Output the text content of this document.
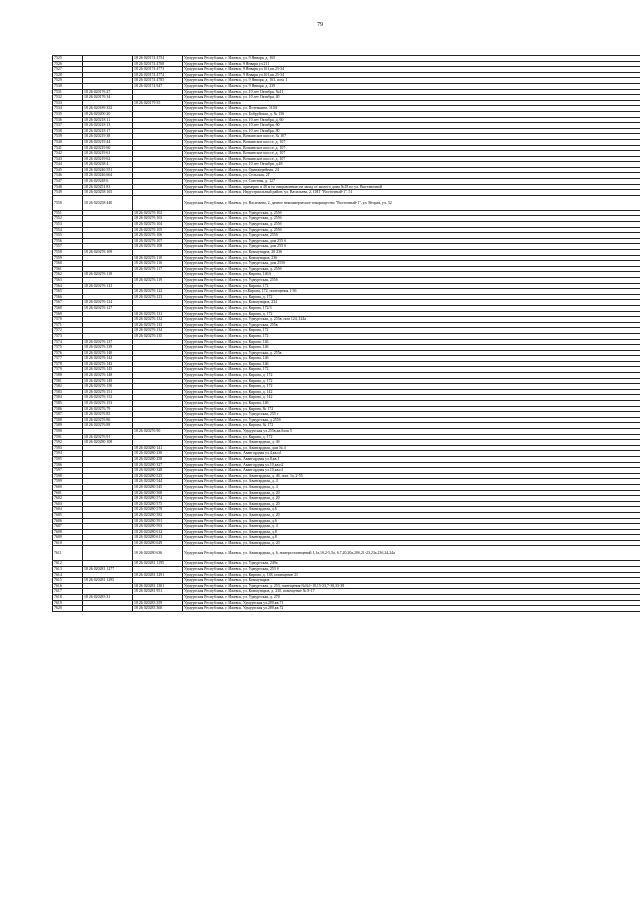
79
7525		18 26 020174 4754	Удмуртская Республика, г. Ижевск, ул. 9 Января, д. 165
7526		18 26 020174 4768	Удмуртская Республика, г. Ижевск, 9 Января ул.211
7527		18 26 020174 4773	Удмуртская Республика, г. Ижевск, 9 Января ул.161,кв.25-34
7528		18 26 020174 4774	Удмуртская Республика, г. Ижевск, 9 Января ул.161,кв.25-34
7529		18 26 020174 4785	Удмуртская Республика, г. Ижевск, ул. 9 Января, д. 163, пом. 1
7530		18 26 020174 947	Удмуртская Республика, г. Ижевск, ул. 9 Января, д. 239
7531	18 26 020176 27		Удмуртская Республика, г. Ижевск, ул. 10 лет Октября, №41
7532	18 26 020176 34		Удмуртская Республика, г. Ижевск, ул. 10 лет Октября, 40
7533		18 26 020179 55	Удмуртская Республика, г. Ижевск
7534	18 26 020189 352		Удмуртская Республика, г. Ижевск, ул. Потемкина, 110А
7535	18 26 020200 20		Удмуртская Республика, г. Ижевск, ул. Бобруйская, д. № 156
7536	18 26 020218 11		Удмуртская Республика, г. Ижевск, ул. 10 лет Октября, д. 60
7537	18 26 020218 13		Удмуртская Республика, г. Ижевск, ул. 10 лет Октября, 60
7538	18 26 020218 17		Удмуртская Республика, г. Ижевск, ул. 10 лет Октября, 80
7539	18 26 020219 38		Удмуртская Республика, г. Ижевск, Воткинское шоссе, № 107
7540	18 26 020219 44		Удмуртская Республика, г. Ижевск, Воткинское шоссе, д. 107
7541	18 26 020219 60		Удмуртская Республика, г. Ижевск, Воткинское шоссе, д. 107
7542	18 26 020219 61		Удмуртская Республика, г. Ижевск, Воткинское шоссе, д. 107
7543	18 26 020219 62		Удмуртская Республика, г. Ижевск, Воткинское шоссе, д. 107
7544	18 26 020238 4		Удмуртская Республика, г. Ижевск, ул. 10 лет Октября, д.48
7545	18 26 020246 551		Удмуртская Республика, г. Ижевск, ул. Оранжерейная, 24
7546	18 26 020246 664		Удмуртская Республика, г. Ижевск, ул. Сельская, 2Г
7547	18 26 020248 6		Удмуртская Республика, г. Ижевск, ул. Союзная, д. 127
7548	18 26 020251 83		Удмуртская Республика, г. Ижевск, примерно в 40 м по направлению на запад от жилого дома №18 по ул. Выставочной
7549	18 26 020258 165		Удмуртская Республика, г. Ижевск, Индустриальный район, ул. Васильева, 2, СНТ "Восточный-1", 51
7550	18 26 020258 440		Удмуртская Республика, г. Ижевск, ул. Васильева, 2, дачное некоммерческое товарищество "Восточный-1", ул. Вторая, уч. 32
7551		18 26 020276 102	Удмуртская Республика, г. Ижевск, ул. Удмуртская, д. 255б
7552		18 26 020276 103	Удмуртская Республика, г. Ижевск, ул. Удмуртская, д. 255б
7553		18 26 020276 104	Удмуртская Республика, г. Ижевск, ул. Удмуртская, д. 255б
7554		18 26 020276 105	Удмуртская Республика, г. Ижевск, ул. Удмуртская, д. 255б
7555		18 26 020276 106	Удмуртская Республика, г. Ижевск, ул. Удмуртская, 255б
7556		18 26 020276 107	Удмуртская Республика, г. Ижевск, ул. Удмуртская, дом 255 б
7557		18 26 020276 108	Удмуртская Республика, г. Ижевск, ул. Удмуртская, дом 255 б
7558	18 26 020276 109		Удмуртская Республика, г. Ижевск, ул. Коммунаров, 20 236
7559		18 26 020276 110	Удмуртская Республика, г. Ижевск, ул. Коммунаров, 236
7560		18 26 020276 116	Удмуртская Республика, г. Ижевск, ул. Удмуртская, дом 255б
7561		18 26 020276 117	Удмуртская Республика, г. Ижевск, ул. Удмуртская, д. 255б
7562	18 26 020276 118		Удмуртская Республика, г. Ижевск, ул. Кирова, 146А
7563		18 26 020276 119	Удмуртская Республика, г. Ижевск, ул. Удмуртская, 255б
7564	18 26 020276 121		Удмуртская Республика, г. Ижевск, ул. Кирова, 172
7565		18 26 020276 122	Удмуртская Республика, г. Ижевск, ул.Кирова, 172, помещения 1-36
7566		18 26 020276 123	Удмуртская Республика, г. Ижевск, ул. Кирова, д. 172
7567	18 26 020276 124		Удмуртская Республика, г. Ижевск, ул. Коммунаров, 234
7568	18 26 020276 127		Удмуртская Республика, г. Ижевск, ул. Кирова, 172/3
7569		18 26 020276 131	Удмуртская Республика, г. Ижевск, ул. Кирова, д. 172
7570		18 26 020276 132	Удмуртская Республика, г. Ижевск, ул. Удмуртская, д. 255в, пом 124, 124а
7571		18 26 020276 133	Удмуртская Республика, г. Ижевск, ул. Удмуртская, 255в
7572		18 26 020276 134	Удмуртская Республика, г. Ижевск, ул. Кирова, 172
7573		18 26 020276 135	Удмуртская Республика, г. Ижевск, ул. Кирова, 172
7574	18 26 020276 137		Удмуртская Республика, г. Ижевск, ул. Кирова, 146
7575	18 26 020276 139		Удмуртская Республика, г. Ижевск, ул. Кирова, 146
7576	18 26 020276 140		Удмуртская Республика, г. Ижевск, ул. Удмуртская, д. 255в
7577	18 26 020276 142		Удмуртская Республика, г. Ижевск, ул. Кирова, 146
7578	18 26 020276 143		Удмуртская Республика, г. Ижевск, ул. Кирова, 146
7579	18 26 020276 145		Удмуртская Республика, г. Ижевск, ул. Кирова, 172
7580	18 26 020276 148		Удмуртская Республика, г. Ижевск, ул. Кирова, д. 172
7581	18 26 020276 149		Удмуртская Республика, г. Ижевск, ул. Кирова, д. 172
7582	18 26 020276 150		Удмуртская Республика, г. Ижевск, ул. Кирова, д. 172
7583	18 26 020276 151		Удмуртская Республика, г. Ижевск, ул. Кирова, д. 142
7584	18 26 020276 152		Удмуртская Республика, г. Ижевск, ул. Кирова, д. 142
7585	18 26 020276 153		Удмуртская Республика, г. Ижевск, ул. Кирова, 146
7586	18 26 020276 79		Удмуртская Республика, г. Ижевск, ул. Кирова, № 172
7587	18 26 020276 85		Удмуртская Республика, г. Ижевск, ул. Удмуртская, 255 г
7588	18 26 020276 86		Удмуртская Республика, г. Ижевск, ул. Удмуртская, д 255б
7589	18 26 020276 88		Удмуртская Республика, г. Ижевск, ул. Кирова, № 172
7590		18 26 020276 90	Удмуртская Республика, г. Ижевск, Удмуртская ул.255в,кв.блок 5
7591	18 26 020276 91		Удмуртская Республика, г. Ижевск, ул. Кирова, д. 172
7592	18 26 020280 108		Удмуртская Республика, г. Ижевск, ул. Авангардная, д. 4б
7593		18 26 020280 141	Удмуртская Республика, г. Ижевск, ул. Авангардная, дом № 4
7594		18 26 020280 230	Удмуртская Республика, г. Ижевск, Авангардная ул.4,кв.п1
7595		18 26 020280 258	Удмуртская Республика, г. Ижевск, Авангардная ул.8,кв.1
7596		18 26 020280 327	Удмуртская Республика, г. Ижевск, Авангардная ул.10,кв.п2
7597		18 26 020280 328	Удмуртская Республика, г. Ижевск, Авангардная ул.10,кв.п1
7598		18 26 020280 525	Удмуртская Республика, г. Ижевск, ул. Авангардная, д. 4б, пом. 1а, 2-55
7599		18 26 020280 544	Удмуртская Республика, г. Ижевск, ул. Авангардная, д. 4
7600		18 26 020280 545	Удмуртская Республика, г. Ижевск, ул. Авангардная, д. 4
7601		18 26 020280 568	Удмуртская Республика, г. Ижевск, ул. Авангардная, д. 20
7602		18 26 020280 574	Удмуртская Республика, г. Ижевск, ул. Авангардная, д. 20
7603		18 26 020280 575	Удмуртская Республика, г. Ижевск, ул. Авангардная, д. 20
7604		18 26 020280 578	Удмуртская Республика, г. Ижевск, ул. Авангардная, д.6
7605		18 26 020280 582	Удмуртская Республика, г. Ижевск, ул. Авангардная, д. 20
7606		18 26 020280 591	Удмуртская Республика, г. Ижевск, ул. Авангардная, д.6
7607		18 26 020280 593	Удмуртская Республика, г. Ижевск, ул. Авангардная, д. 4
7608		18 26 020280 612	Удмуртская Республика, г. Ижевск, ул. Авангардная, д.8
7609		18 26 020280 613	Удмуртская Республика, г. Ижевск, ул. Авангардная, д.8
7610		18 26 020280 629	Удмуртская Республика, г. Ижевск, ул. Авангардная, д. 20
7611		18 26 020280 636	Удмуртская Республика, г. Ижевск, ул. Авангардная, д. 6, номера помещений 1,1а,1б,2-5,5а, 6,7,20,20а,20б,21-23,23а,23б,24,24а
7612		18 26 020281 1195	Удмуртская Республика, г. Ижевск, ул. Удмуртская, 249а
7613	18 26 020281 1277		Удмуртская Республика, г. Ижевск, ул. Удмуртская, 253 б
7614		18 26 020281 1291	Удмуртская Республика, г. Ижевск, ул. Кирова, д. 138, помещение 21
7615	18 26 020281 1295		Удмуртская Республика, г. Ижевск, ул. Коммунаров
7616		18 26 020281 1301	Удмуртская Республика, г. Ижевск, ул. Удмуртская, д. 253, помещения №№1-10,15-23,7-30,33-38
7617		18 26 020281 951	Удмуртская Республика, г. Ижевск, ул. Коммунаров, д. 230, помещение № 8-17
7618	18 26 020283 31		Удмуртская Республика, г. Ижевск, ул. Удмуртская, д. 270
7619		18 26 020283 359	Удмуртская Республика, г. Ижевск, Удмуртская ул.280,кв.71
7620		18 26 020283 360	Удмуртская Республика, г. Ижевск, Удмуртская ул.280,кв.72
